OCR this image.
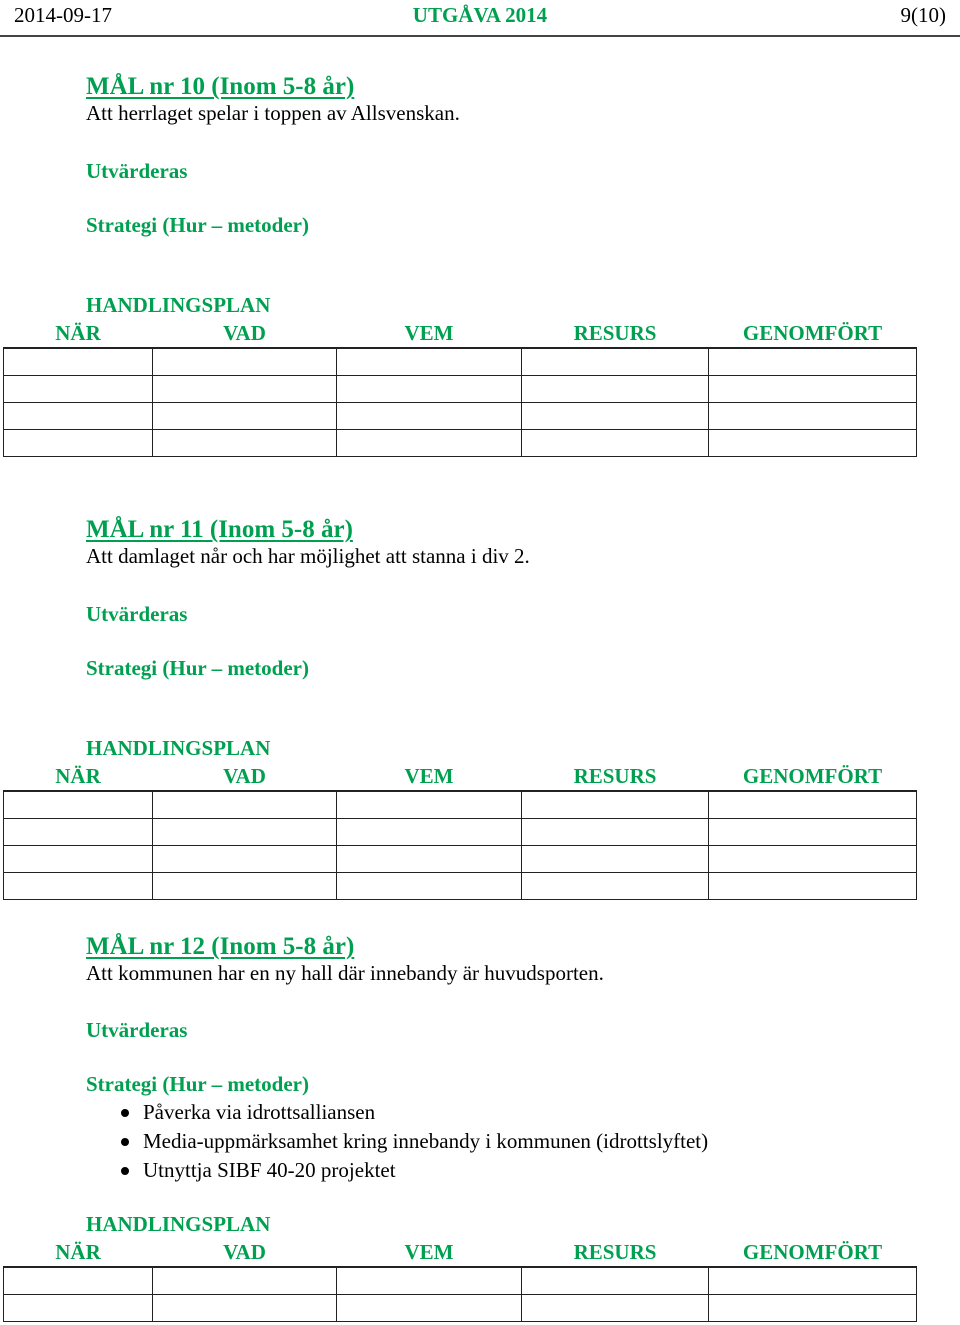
2014-09-17	UTGÅVA 2014	9(10)
MÅL nr 10 (Inom 5-8 år)
Att herrlaget spelar i toppen av Allsvenskan.
Utvärderas
Strategi (Hur – metoder)
HANDLINGSPLAN
NÄR	VAD	VEM	RESURS	GENOMFÖRT

MÅL nr 11 (Inom 5-8 år)
Att damlaget når och har möjlighet att stanna i div 2.
Utvärderas
Strategi (Hur – metoder)
HANDLINGSPLAN
NÄR	VAD	VEM	RESURS	GENOMFÖRT

MÅL nr 12 (Inom 5-8 år)
Att kommunen har en ny hall där innebandy är huvudsporten.
Utvärderas
Strategi (Hur – metoder)
Påverka via idrottsalliansen
Media-uppmärksamhet kring innebandy i kommunen (idrottslyftet)
Utnyttja SIBF 40-20 projektet
HANDLINGSPLAN
NÄR	VAD	VEM	RESURS	GENOMFÖRT
